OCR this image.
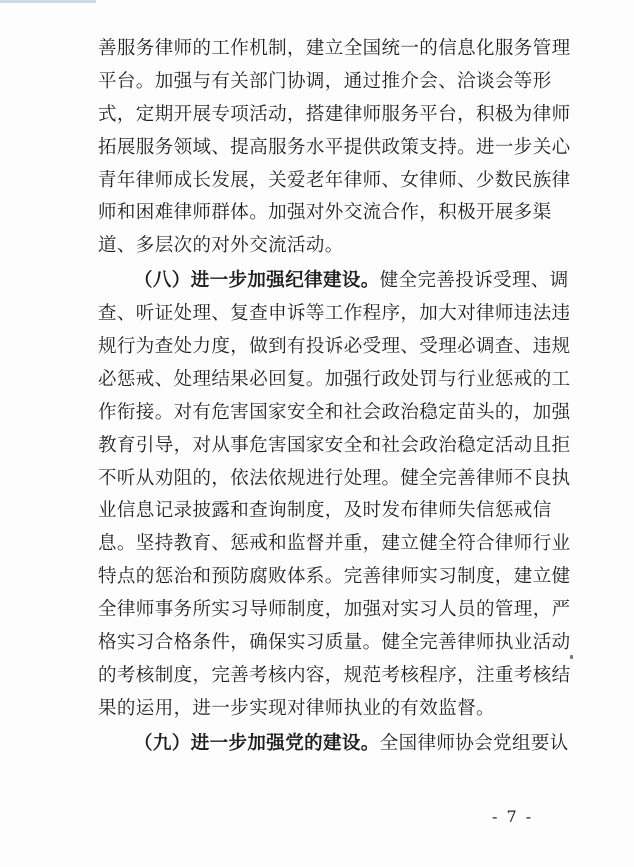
善服务律师的工作机制，建立全国统一的信息化服务管理
平台。加强与有关部门协调，通过推介会、洽谈会等形
式，定期开展专项活动，搭建律师服务平台，积极为律师
拓展服务领域、提高服务水平提供政策支持。进一步关心
青年律师成长发展，关爱老年律师、女律师、少数民族律
师和困难律师群体。加强对外交流合作，积极开展多渠
道、多层次的对外交流活动。
（八）进一步加强纪律建设。健全完善投诉受理、调
查、听证处理、复查申诉等工作程序，加大对律师违法违
规行为查处力度，做到有投诉必受理、受理必调查、违规
必惩戒、处理结果必回复。加强行政处罚与行业惩戒的工
作衔接。对有危害国家安全和社会政治稳定苗头的，加强
教育引导，对从事危害国家安全和社会政治稳定活动且拒
不听从劝阻的，依法依规进行处理。健全完善律师不良执
业信息记录披露和查询制度，及时发布律师失信惩戒信
息。坚持教育、惩戒和监督并重，建立健全符合律师行业
特点的惩治和预防腐败体系。完善律师实习制度，建立健
全律师事务所实习导师制度，加强对实习人员的管理，严
格实习合格条件，确保实习质量。健全完善律师执业活动
的考核制度，完善考核内容，规范考核程序，注重考核结
果的运用，进一步实现对律师执业的有效监督。
（九）进一步加强党的建设。全国律师协会党组要认
- 7 -
